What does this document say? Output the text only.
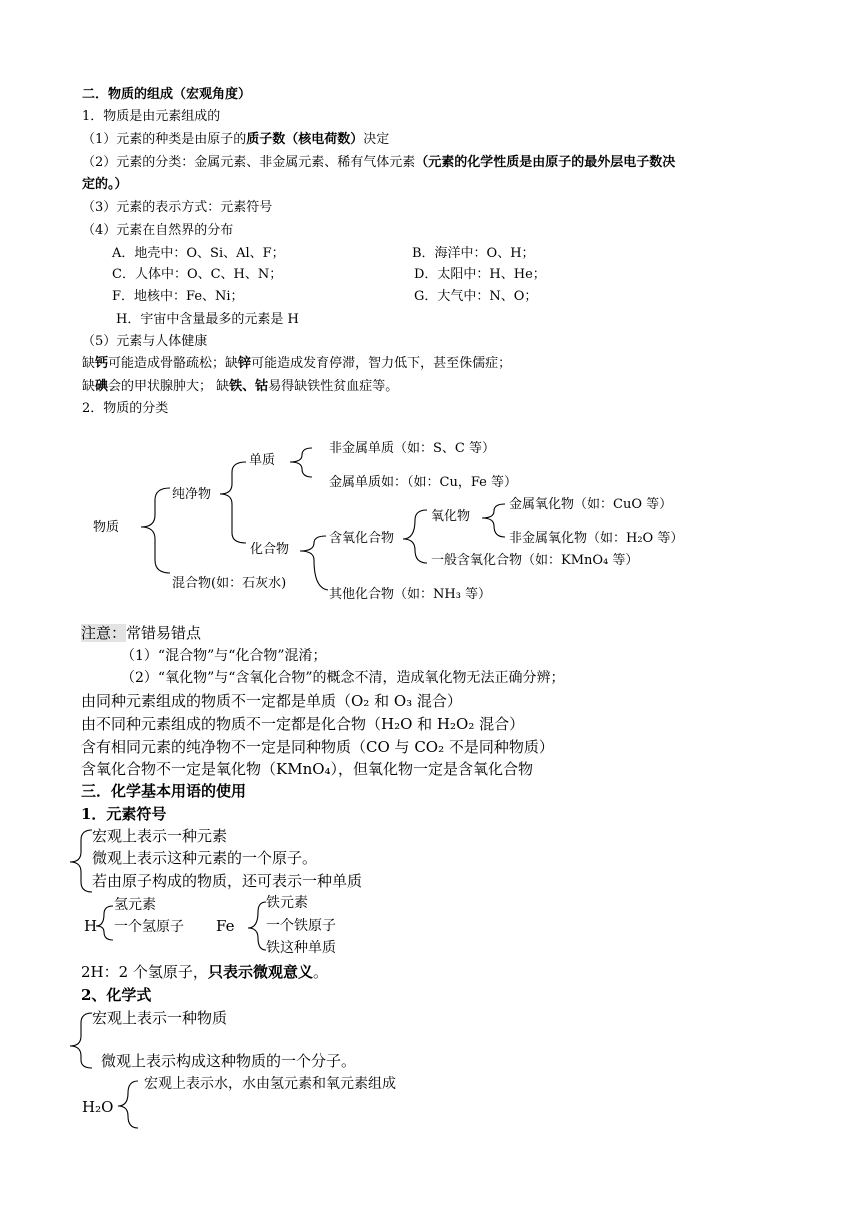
二．物质的组成（宏观角度）
1．物质是由元素组成的
（1）元素的种类是由原子的质子数（核电荷数）决定
（2）元素的分类：金属元素、非金属元素、稀有气体元素（元素的化学性质是由原子的最外层电子数决
定的。）
（3）元素的表示方式：元素符号
（4）元素在自然界的分布
A．地壳中：O、Si、Al、F；	B．海洋中：O、H；
C．人体中：O、C、H、N；	D．太阳中：H、He；
F．地核中：Fe、Ni；	G．大气中：N、O；
H．宇宙中含量最多的元素是 H
（5）元素与人体健康
缺钙可能造成骨骼疏松；缺锌可能造成发育停滞，智力低下，甚至侏儒症；
缺碘会的甲状腺肿大； 缺铁、钴易得缺铁性贫血症等。
2．物质的分类
物质
纯净物
混合物(如：石灰水)
单质
非金属单质（如：S、C 等）
金属单质如：（如：Cu，Fe 等）
化合物
含氧化合物
其他化合物（如：NH₃ 等）
氧化物
一般含氧化合物（如：KMnO₄ 等）
金属氧化物（如：CuO 等）
非金属氧化物（如：H₂O 等）
注意：常错易错点
（1）“混合物”与“化合物”混淆；
（2）“氧化物”与“含氧化合物”的概念不清，造成氧化物无法正确分辨；
由同种元素组成的物质不一定都是单质（O₂ 和 O₃ 混合）
由不同种元素组成的物质不一定都是化合物（H₂O 和 H₂O₂ 混合）
含有相同元素的纯净物不一定是同种物质（CO 与 CO₂ 不是同种物质）
含氧化合物不一定是氧化物（KMnO₄），但氧化物一定是含氧化合物
三．化学基本用语的使用
1．元素符号
宏观上表示一种元素
微观上表示这种元素的一个原子。
若由原子构成的物质，还可表示一种单质
H
氢元素
一个氢原子 Fe
铁元素
一个铁原子
铁这种单质
2H：2 个氢原子，只表示微观意义。
2、化学式
宏观上表示一种物质
微观上表示构成这种物质的一个分子。
H₂O
宏观上表示水，水由氢元素和氧元素组成
